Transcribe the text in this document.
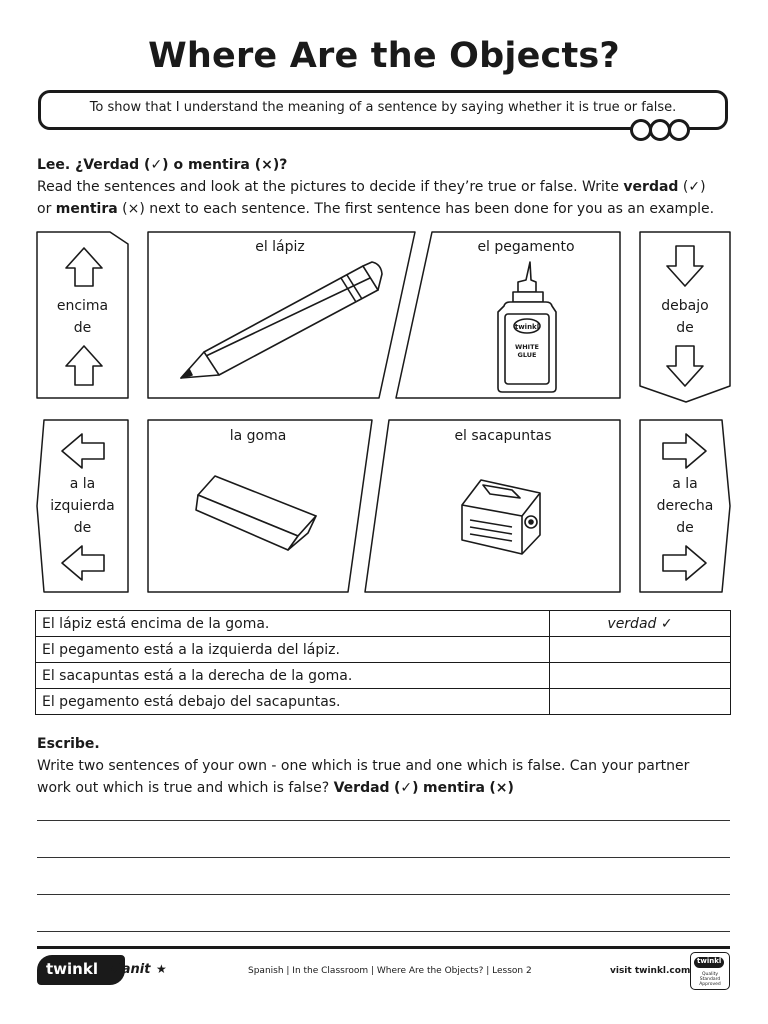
Where Are the Objects?
To show that I understand the meaning of a sentence by saying whether it is true or false.
Lee. ¿Verdad (✓) o mentira (×)?
Read the sentences and look at the pictures to decide if they’re true or false. Write verdad (✓)
or mentira (×) next to each sentence. The first sentence has been done for you as an example.
twinkl
WHITE
GLUE
encima
de
debajo
de
a la
izquierda
de
a la
derecha
de
el lápiz	el pegamento
la goma	el sacapuntas
El lápiz está encima de la goma.	verdad ✓
El pegamento está a la izquierda del lápiz.	
El sacapuntas está a la derecha de la goma.	
El pegamento está debajo del sacapuntas.	
Escribe.
Write two sentences of your own - one which is true and one which is false. Can your partner
work out which is true and which is false? Verdad (✓) mentira (×)
twinkl planit ★	Spanish | In the Classroom | Where Are the Objects? | Lesson 2	visit twinkl.com
twinkl
Quality Standard Approved
